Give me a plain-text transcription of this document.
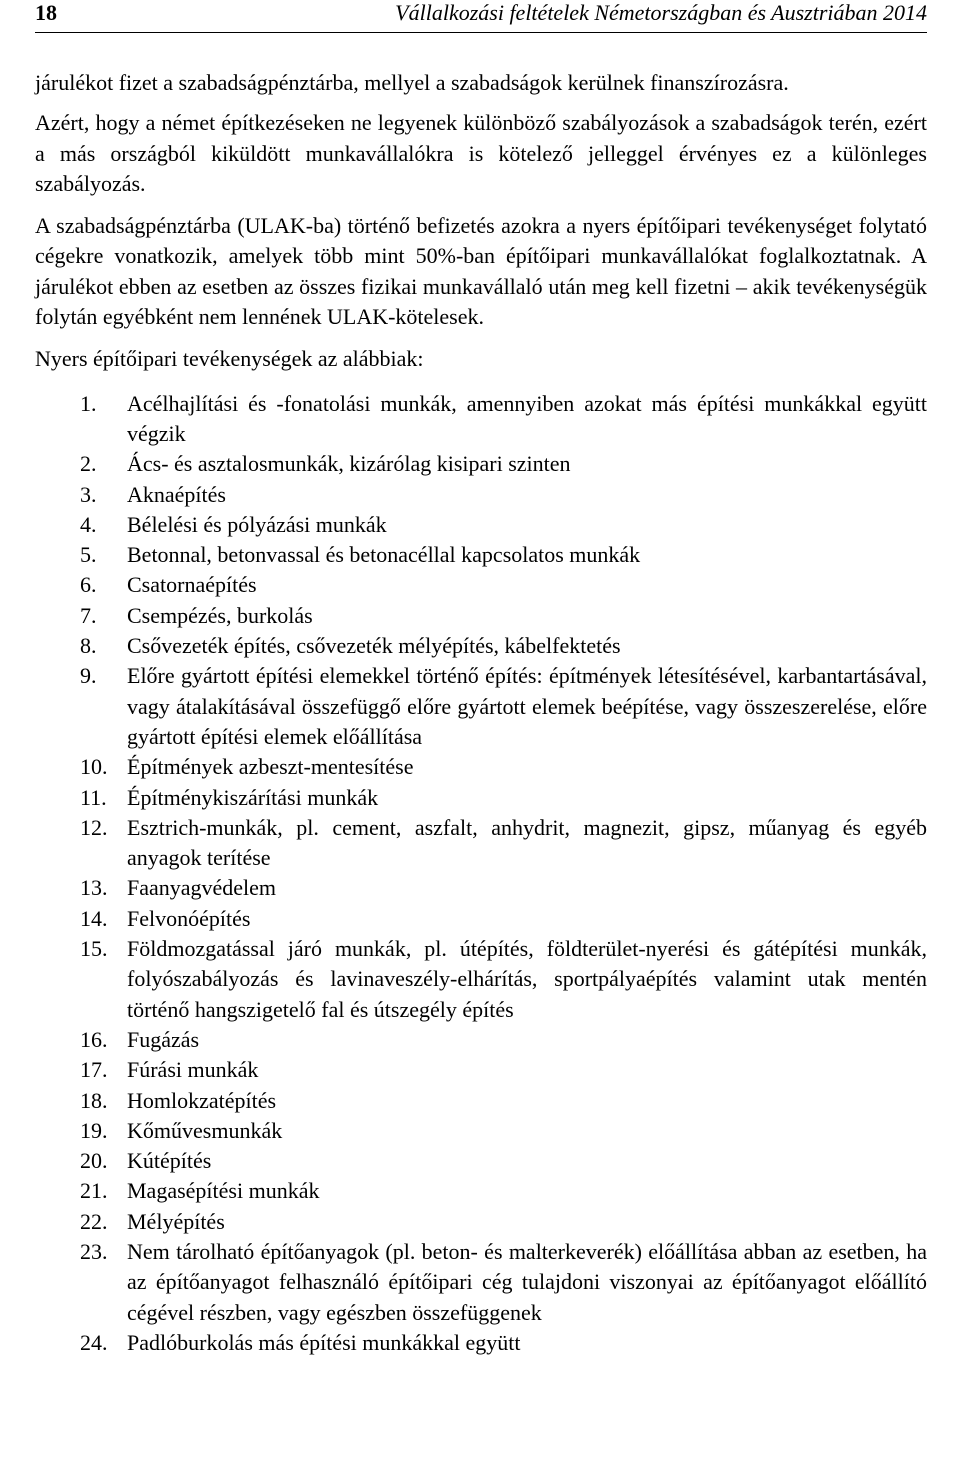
18	Vállalkozási feltételek Németországban és Ausztriában 2014

járulékot fizet a szabadságpénztárba, mellyel a szabadságok kerülnek finanszírozásra.

Azért, hogy a német építkezéseken ne legyenek különböző szabályozások a szabadságok terén, ezért a más országból kiküldött munkavállalókra is kötelező jelleggel érvényes ez a különleges szabályozás.

A szabadságpénztárba (ULAK-ba) történő befizetés azokra a nyers építőipari tevékenységet folytató cégekre vonatkozik, amelyek több mint 50%-ban építőipari munkavállalókat foglalkoztatnak. A járulékot ebben az esetben az összes fizikai munkavállaló után meg kell fizetni – akik tevékenységük folytán egyébként nem lennének ULAK-kötelesek.

Nyers építőipari tevékenységek az alábbiak:

1.	Acélhajlítási és -fonatolási munkák, amennyiben azokat más építési munkákkal együtt végzik
2.	Ács- és asztalosmunkák, kizárólag kisipari szinten
3.	Aknaépítés
4.	Bélelési és pólyázási munkák
5.	Betonnal, betonvassal és betonacéllal kapcsolatos munkák
6.	Csatornaépítés
7.	Csempézés, burkolás
8.	Csővezeték építés, csővezeték mélyépítés, kábelfektetés
9.	Előre gyártott építési elemekkel történő építés: építmények létesítésével, karbantartásával, vagy átalakításával összefüggő előre gyártott elemek beépítése, vagy összeszerelése, előre gyártott építési elemek előállítása
10. Építmények azbeszt-mentesítése
11. Építménykiszárítási munkák
12. Esztrich-munkák, pl. cement, aszfalt, anhydrit, magnezit, gipsz, műanyag és egyéb anyagok terítése
13. Faanyagvédelem
14. Felvonóépítés
15. Földmozgatással járó munkák, pl. útépítés, földterület-nyerési és gátépítési munkák, folyószabályozás és lavinaveszély-elhárítás, sportpályaépítés valamint utak mentén történő hangszigetelő fal és útszegély építés
16. Fugázás
17. Fúrási munkák
18. Homlokzatépítés
19. Kőművesmunkák
20. Kútépítés
21. Magasépítési munkák
22. Mélyépítés
23. Nem tárolható építőanyagok (pl. beton- és malterkeverék) előállítása abban az esetben, ha az építőanyagot felhasználó építőipari cég tulajdoni viszonyai az építőanyagot előállító cégével részben, vagy egészben összefüggenek
24. Padlóburkolás más építési munkákkal együtt
